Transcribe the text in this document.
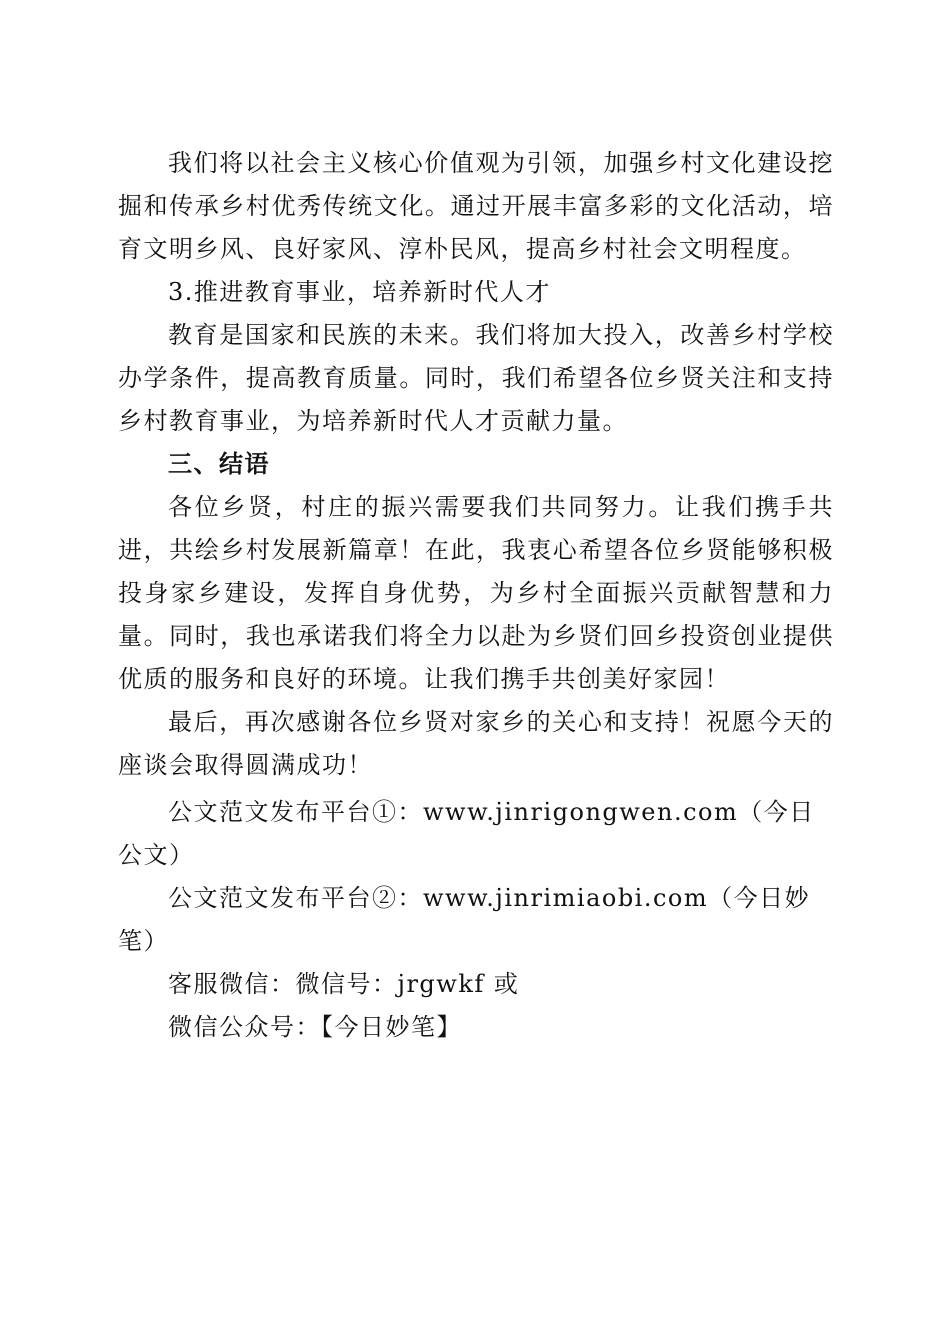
我们将以社会主义核心价值观为引领，加强乡村文化建设挖掘和传承乡村优秀传统文化。通过开展丰富多彩的文化活动，培育文明乡风、良好家风、淳朴民风，提高乡村社会文明程度。

3.推进教育事业，培养新时代人才

教育是国家和民族的未来。我们将加大投入，改善乡村学校办学条件，提高教育质量。同时，我们希望各位乡贤关注和支持乡村教育事业，为培养新时代人才贡献力量。

三、结语

各位乡贤，村庄的振兴需要我们共同努力。让我们携手共进，共绘乡村发展新篇章！在此，我衷心希望各位乡贤能够积极投身家乡建设，发挥自身优势，为乡村全面振兴贡献智慧和力量。同时，我也承诺我们将全力以赴为乡贤们回乡投资创业提供优质的服务和良好的环境。让我们携手共创美好家园！

最后，再次感谢各位乡贤对家乡的关心和支持！祝愿今天的座谈会取得圆满成功！

公文范文发布平台①：www.jinrigongwen.com（今日公文）

公文范文发布平台②：www.jinrimiaobi.com（今日妙笔）

客服微信：微信号：jrgwkf 或

微信公众号：【今日妙笔】
